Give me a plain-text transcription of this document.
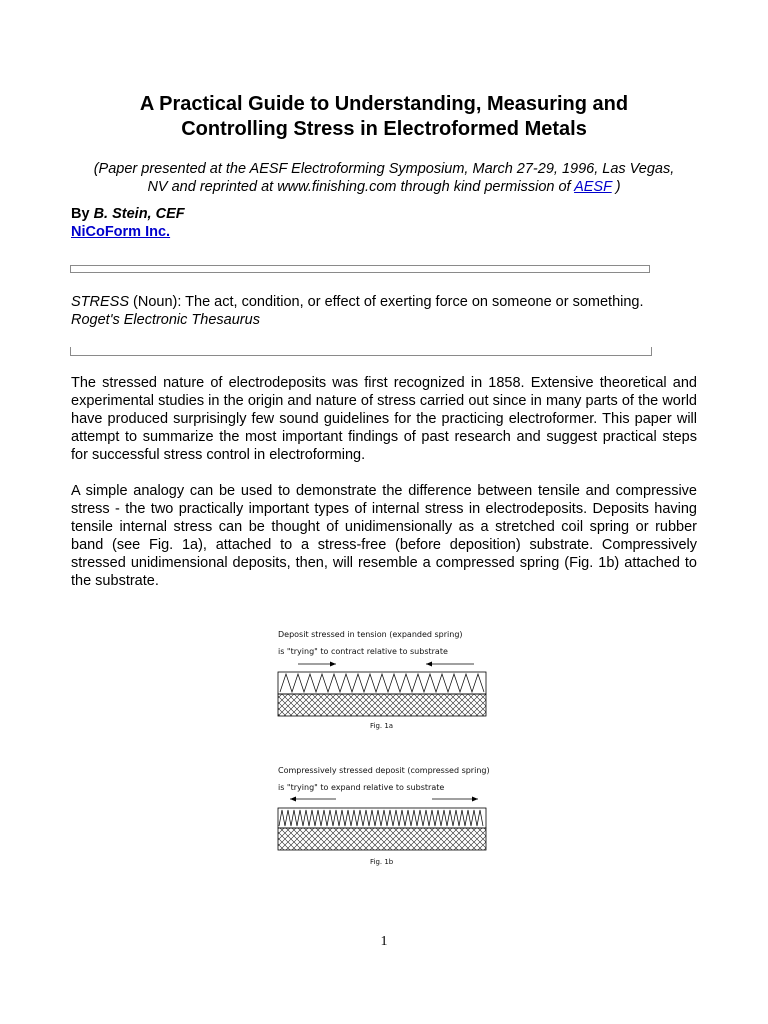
A Practical Guide to Understanding, Measuring and
Controlling Stress in Electroformed Metals
(Paper presented at the AESF Electroforming Symposium, March 27-29, 1996, Las Vegas,
NV and reprinted at www.finishing.com through kind permission of AESF )
By B. Stein, CEF
NiCoForm Inc.

STRESS (Noun): The act, condition, or effect of exerting force on someone or something.
Roget's Electronic Thesaurus

The stressed nature of electrodeposits was first recognized in 1858. Extensive theoretical and experimental studies in the origin and nature of stress carried out since in many parts of the world have produced surprisingly few sound guidelines for the practicing electroformer. This paper will attempt to summarize the most important findings of past research and suggest practical steps for successful stress control in electroforming.

A simple analogy can be used to demonstrate the difference between tensile and compressive stress - the two practically important types of internal stress in electrodeposits. Deposits having tensile internal stress can be thought of unidimensionally as a stretched coil spring or rubber band (see Fig. 1a), attached to a stress-free (before deposition) substrate. Compressively stressed unidimensional deposits, then, will resemble a compressed spring (Fig. 1b) attached to the substrate.

Deposit stressed in tension (expanded spring)
is "trying" to contract relative to substrate
Fig. 1a
Compressively stressed deposit (compressed spring)
is "trying" to expand relative to substrate
Fig. 1b
1
